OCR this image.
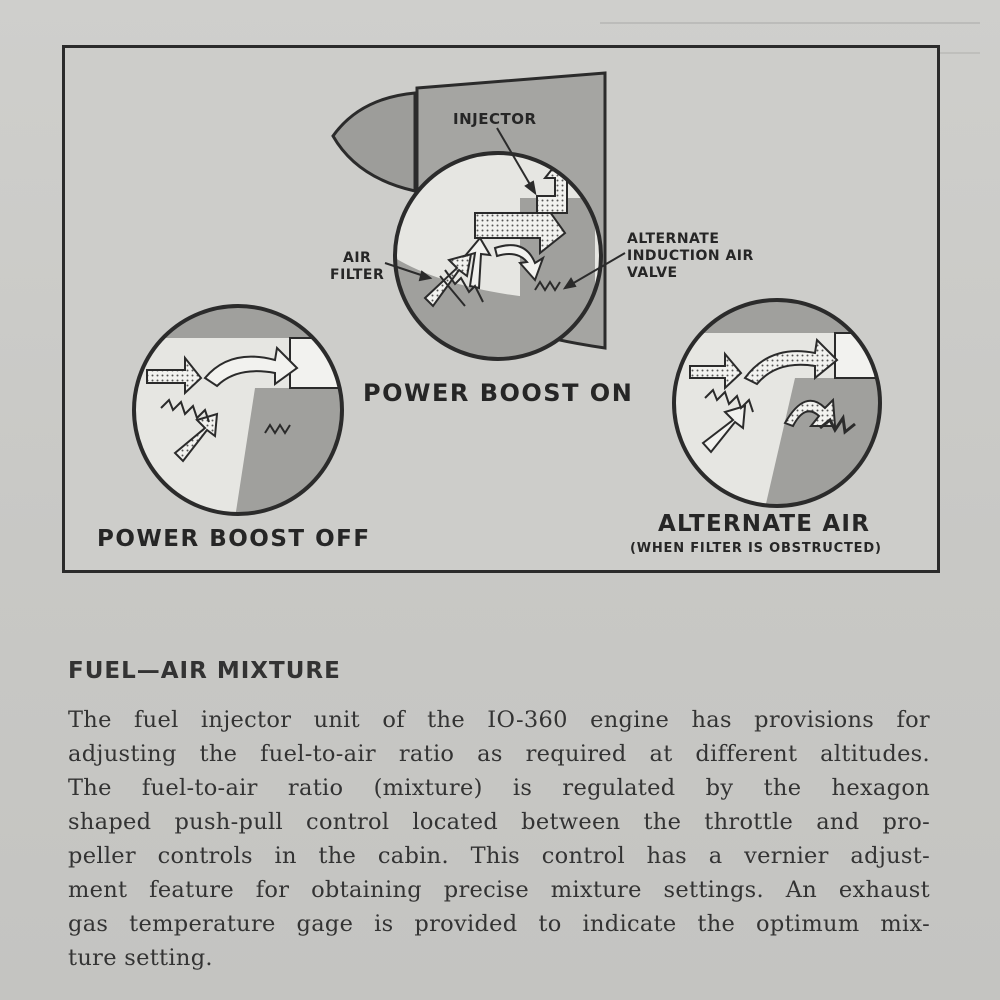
INJECTOR
AIR
FILTER
ALTERNATE
INDUCTION AIR
VALVE
POWER BOOST ON
POWER BOOST OFF
ALTERNATE AIR
(WHEN FILTER IS OBSTRUCTED)
FUEL—AIR MIXTURE
The fuel injector unit of the IO-360 engine has provisions for
adjusting the fuel-to-air ratio as required at different altitudes.
The fuel-to-air ratio (mixture) is regulated by the hexagon
shaped push-pull control located between the throttle and pro-
peller controls in the cabin. This control has a vernier adjust-
ment feature for obtaining precise mixture settings. An exhaust
gas temperature gage is provided to indicate the optimum mix-
ture setting.
